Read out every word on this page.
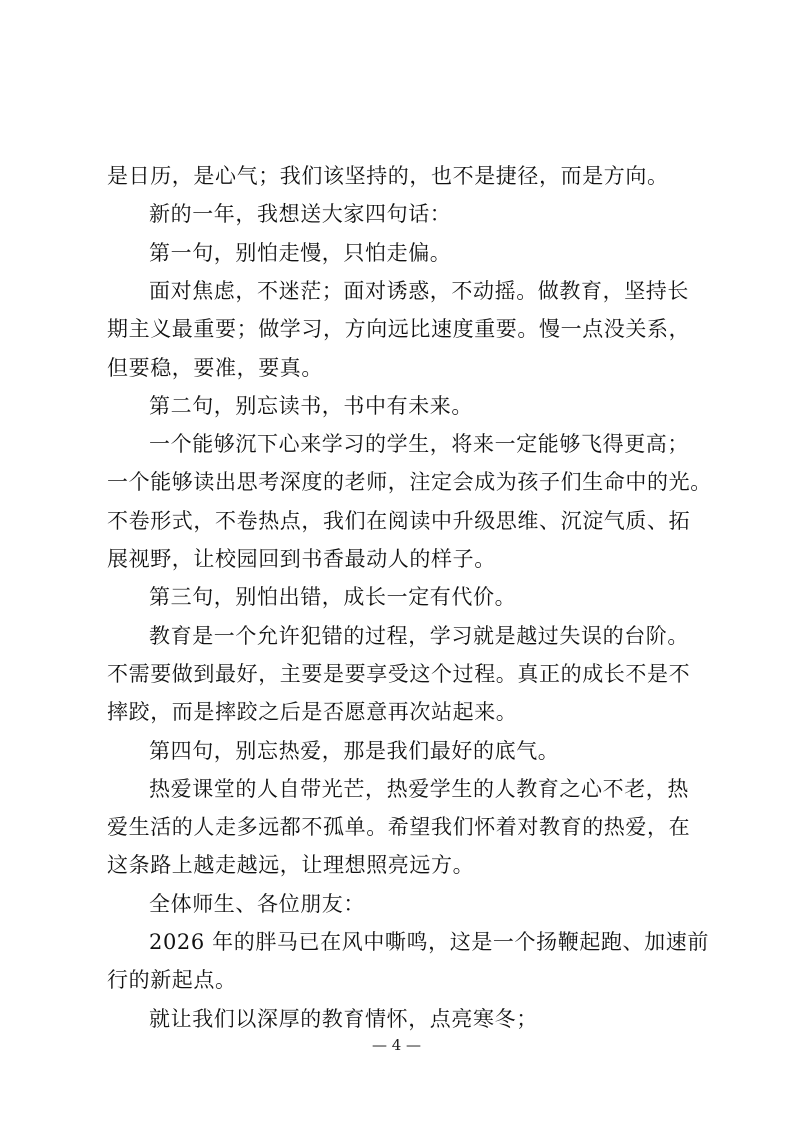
是日历，是心气；我们该坚持的，也不是捷径，而是方向。
新的一年，我想送大家四句话：
第一句，别怕走慢，只怕走偏。
面对焦虑，不迷茫；面对诱惑，不动摇。做教育，坚持长
期主义最重要；做学习，方向远比速度重要。慢一点没关系，
但要稳，要准，要真。
第二句，别忘读书，书中有未来。
一个能够沉下心来学习的学生，将来一定能够飞得更高；
一个能够读出思考深度的老师，注定会成为孩子们生命中的光。
不卷形式，不卷热点，我们在阅读中升级思维、沉淀气质、拓
展视野，让校园回到书香最动人的样子。
第三句，别怕出错，成长一定有代价。
教育是一个允许犯错的过程，学习就是越过失误的台阶。
不需要做到最好，主要是要享受这个过程。真正的成长不是不
摔跤，而是摔跤之后是否愿意再次站起来。
第四句，别忘热爱，那是我们最好的底气。
热爱课堂的人自带光芒，热爱学生的人教育之心不老，热
爱生活的人走多远都不孤单。希望我们怀着对教育的热爱，在
这条路上越走越远，让理想照亮远方。
全体师生、各位朋友：
2026 年的胖马已在风中嘶鸣，这是一个扬鞭起跑、加速前
行的新起点。
— 4 —
就让我们以深厚的教育情怀，点亮寒冬；
